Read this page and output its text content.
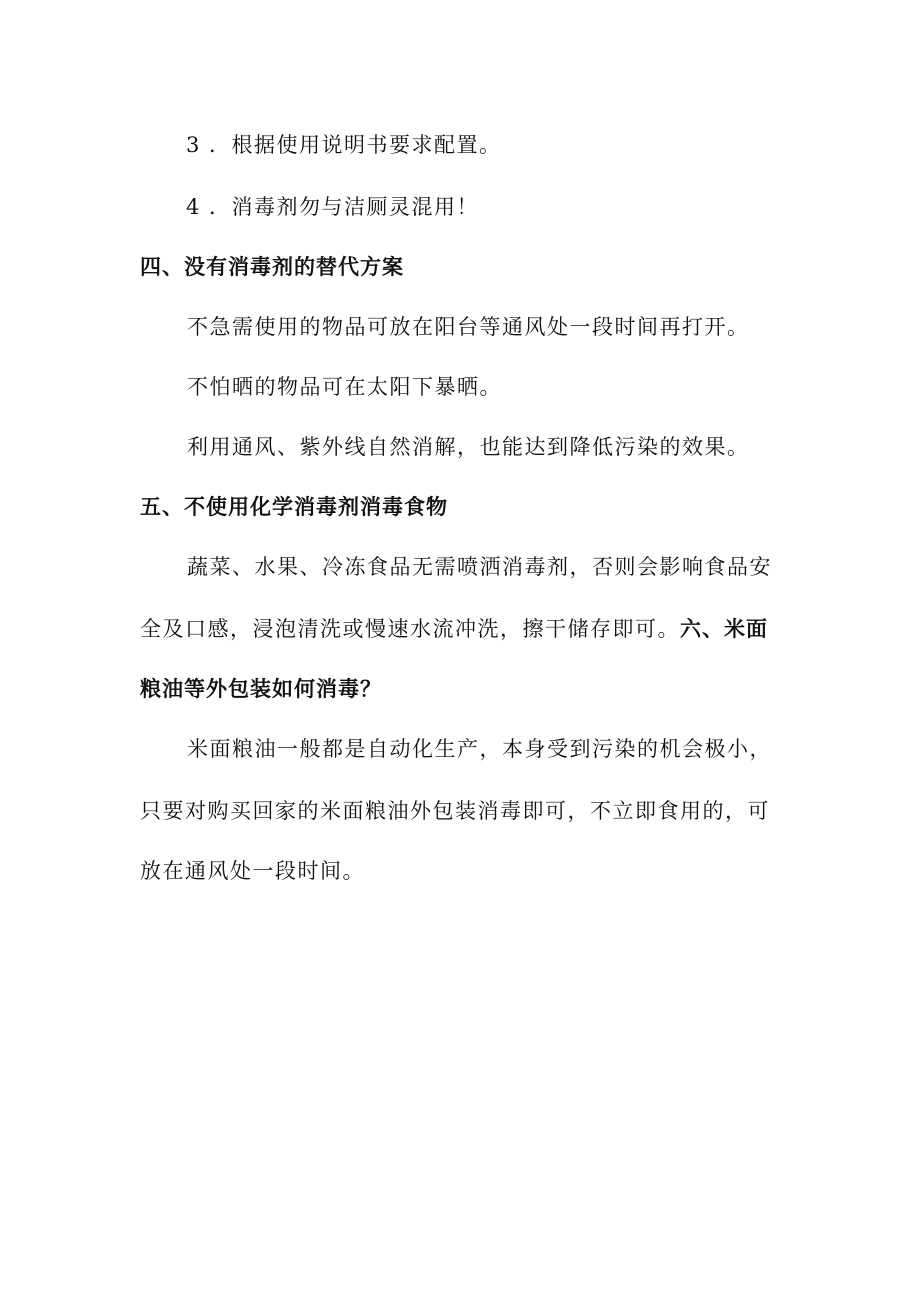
3 ．根据使用说明书要求配置。
4 ．消毒剂勿与洁厕灵混用！
四、没有消毒剂的替代方案
不急需使用的物品可放在阳台等通风处一段时间再打开。
不怕晒的物品可在太阳下暴晒。
利用通风、紫外线自然消解，也能达到降低污染的效果。
五、不使用化学消毒剂消毒食物
蔬菜、水果、冷冻食品无需喷洒消毒剂，否则会影响食品安
全及口感，浸泡清洗或慢速水流冲洗，擦干储存即可。六、米面
粮油等外包装如何消毒？
米面粮油一般都是自动化生产，本身受到污染的机会极小，
只要对购买回家的米面粮油外包装消毒即可，不立即食用的，可
放在通风处一段时间。
